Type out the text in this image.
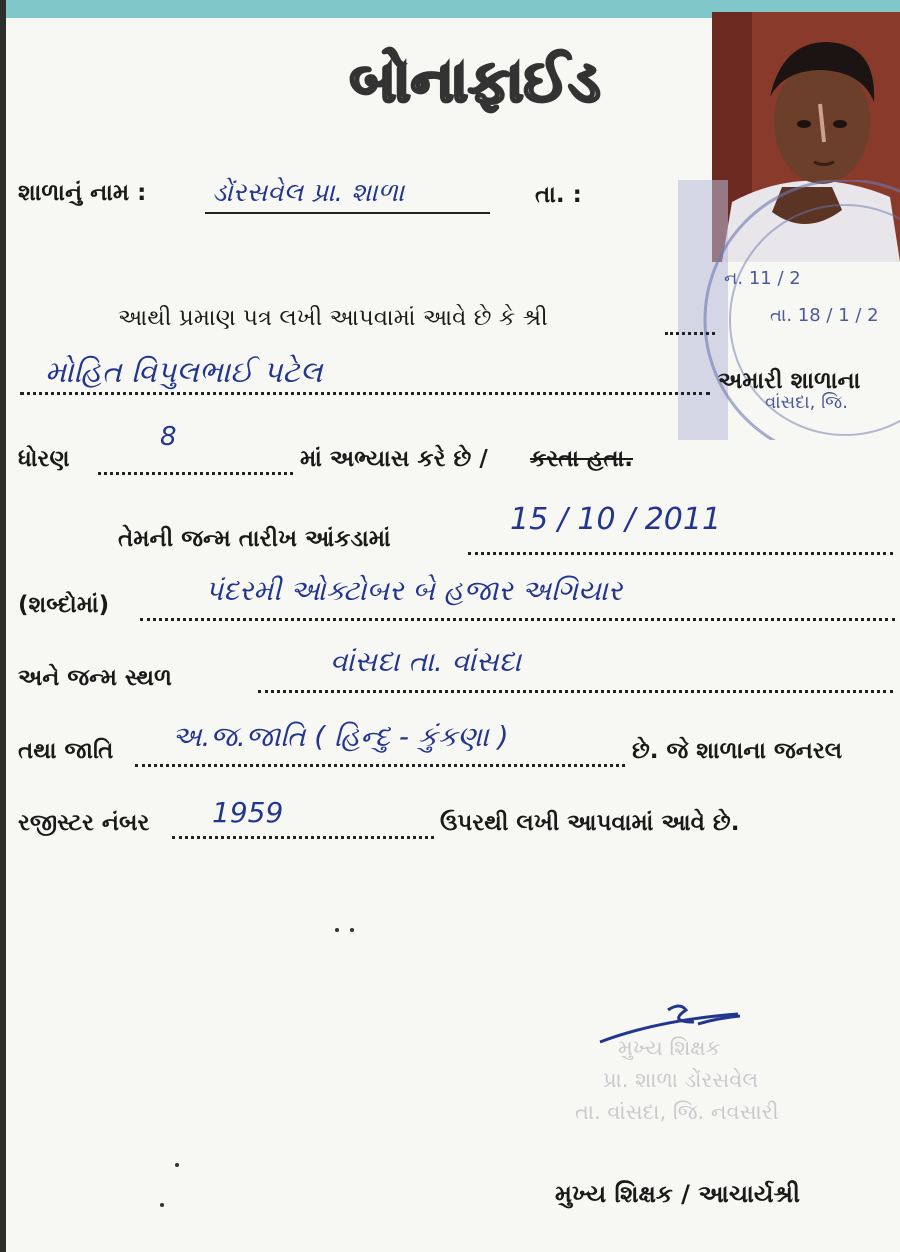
બોનાફાઈડ
ન. 11 / 2
તા. 18 / 1 / 2
વાંસદા, જિ.
શાળાનું નામ :	ડોંરસવેલ પ્રા. શાળા	તા. :
આથી પ્રમાણ પત્ર લખી આપવામાં આવે છે કે શ્રી
મોહિત વિપુલભાઈ પટેલ	અમારી શાળાના
ધોરણ
8
માં અભ્યાસ કરે છે / કરતા હતા.
તેમની જન્મ તારીખ આંકડામાં
15 / 10 / 2011
(શબ્દોમાં)	પંદરમી ઓક્ટોબર બે હજાર અગિયાર
અને જન્મ સ્થળ	વાંસદા તા. વાંસદા
તથા જાતિ અ.જ.જાતિ ( હિન્દુ - કુંકણા )	છે. જે શાળાના જનરલ
રજીસ્ટર નંબર 1959	ઉપરથી લખી આપવામાં આવે છે.
મુખ્ય શિક્ષક
પ્રા. શાળા ડોંરસવેલ
તા. વાંસદા, જિ. નવસારી
મુખ્ય શિક્ષક / આચાર્યશ્રી
